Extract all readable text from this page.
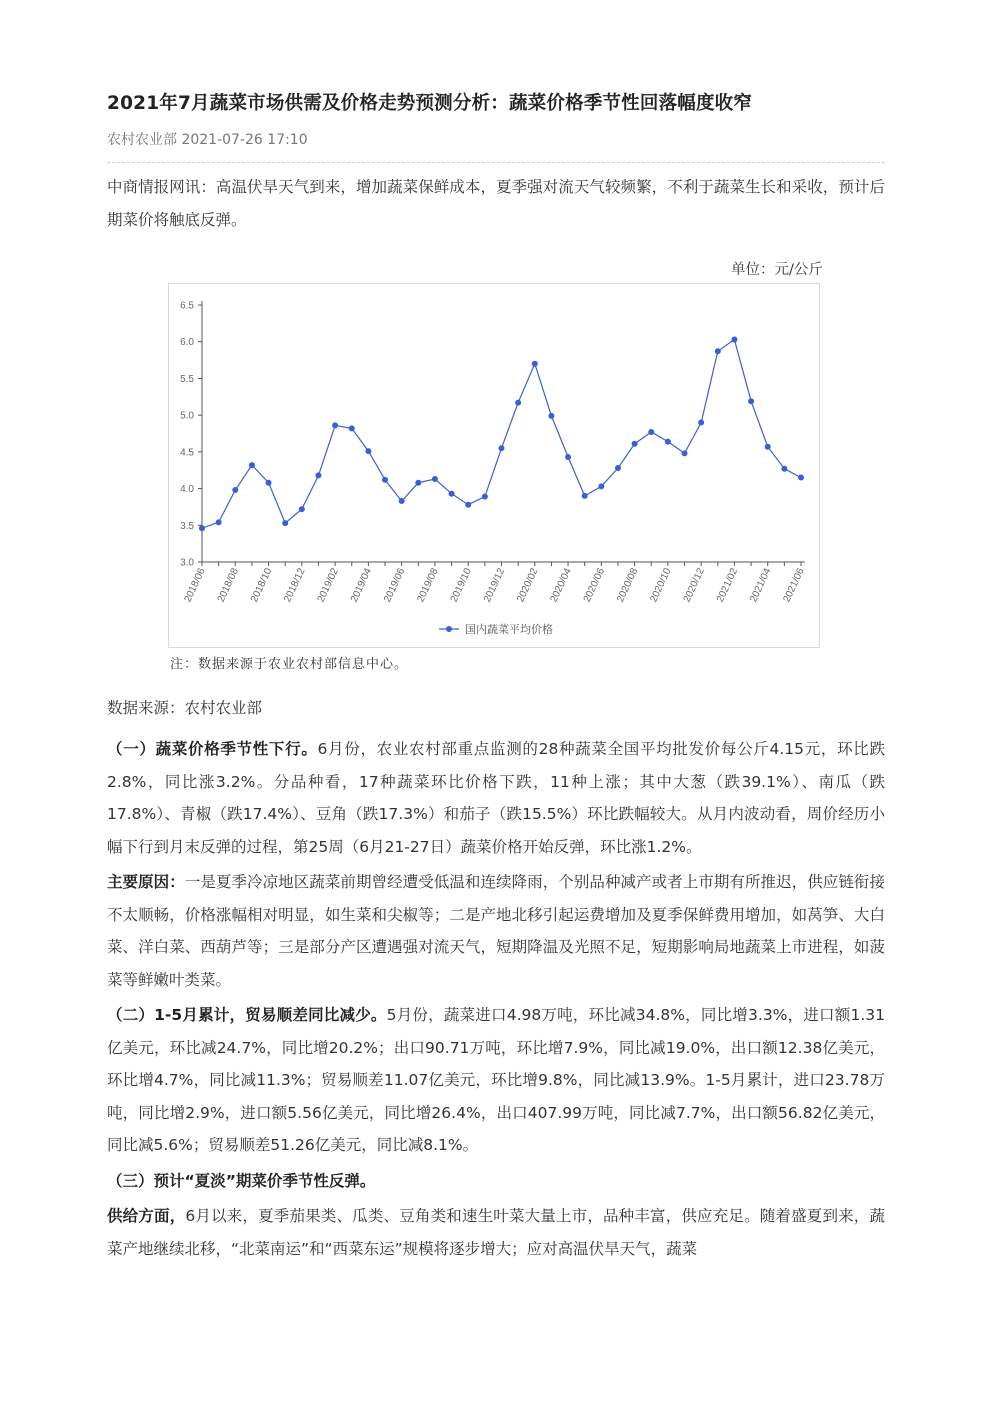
2021年7月蔬菜市场供需及价格走势预测分析：蔬菜价格季节性回落幅度收窄
农村农业部 2021-07-26 17:10

中商情报网讯：高温伏旱天气到来，增加蔬菜保鲜成本，夏季强对流天气较频繁，不利于蔬菜生长和采收，预计后期菜价将触底反弹。

单位：元/公斤
3.0
3.5
4.0
4.5
5.0
5.5
6.0
6.5
2018/06 2018/08 2018/10 2018/12 2019/02 2019/04 2019/06 2019/08 2019/10 2019/12 2020/02 2020/04 2020/06 2020/08 2020/10 2020/12 2021/02 2021/04 2021/06
国内蔬菜平均价格
注：数据来源于农业农村部信息中心。
数据来源：农村农业部

（一）蔬菜价格季节性下行。6月份，农业农村部重点监测的28种蔬菜全国平均批发价每公斤4.15元，环比跌2.8%，同比涨3.2%。分品种看，17种蔬菜环比价格下跌，11种上涨；其中大葱（跌39.1%）、南瓜（跌17.8%）、青椒（跌17.4%）、豆角（跌17.3%）和茄子（跌15.5%）环比跌幅较大。从月内波动看，周价经历小幅下行到月末反弹的过程，第25周（6月21-27日）蔬菜价格开始反弹，环比涨1.2%。

主要原因：一是夏季冷凉地区蔬菜前期曾经遭受低温和连续降雨，个别品种减产或者上市期有所推迟，供应链衔接不太顺畅，价格涨幅相对明显，如生菜和尖椒等；二是产地北移引起运费增加及夏季保鲜费用增加，如莴笋、大白菜、洋白菜、西葫芦等；三是部分产区遭遇强对流天气，短期降温及光照不足，短期影响局地蔬菜上市进程，如菠菜等鲜嫩叶类菜。

（二）1-5月累计，贸易顺差同比减少。5月份，蔬菜进口4.98万吨，环比减34.8%，同比增3.3%，进口额1.31亿美元，环比减24.7%，同比增20.2%；出口90.71万吨，环比增7.9%，同比减19.0%，出口额12.38亿美元，环比增4.7%，同比减11.3%；贸易顺差11.07亿美元，环比增9.8%，同比减13.9%。1-5月累计，进口23.78万吨，同比增2.9%，进口额5.56亿美元，同比增26.4%，出口407.99万吨，同比减7.7%，出口额56.82亿美元，同比减5.6%；贸易顺差51.26亿美元，同比减8.1%。

（三）预计“夏淡”期菜价季节性反弹。

供给方面，6月以来，夏季茄果类、瓜类、豆角类和速生叶菜大量上市，品种丰富，供应充足。随着盛夏到来，蔬菜产地继续北移，“北菜南运”和“西菜东运”规模将逐步增大；应对高温伏旱天气，蔬菜
